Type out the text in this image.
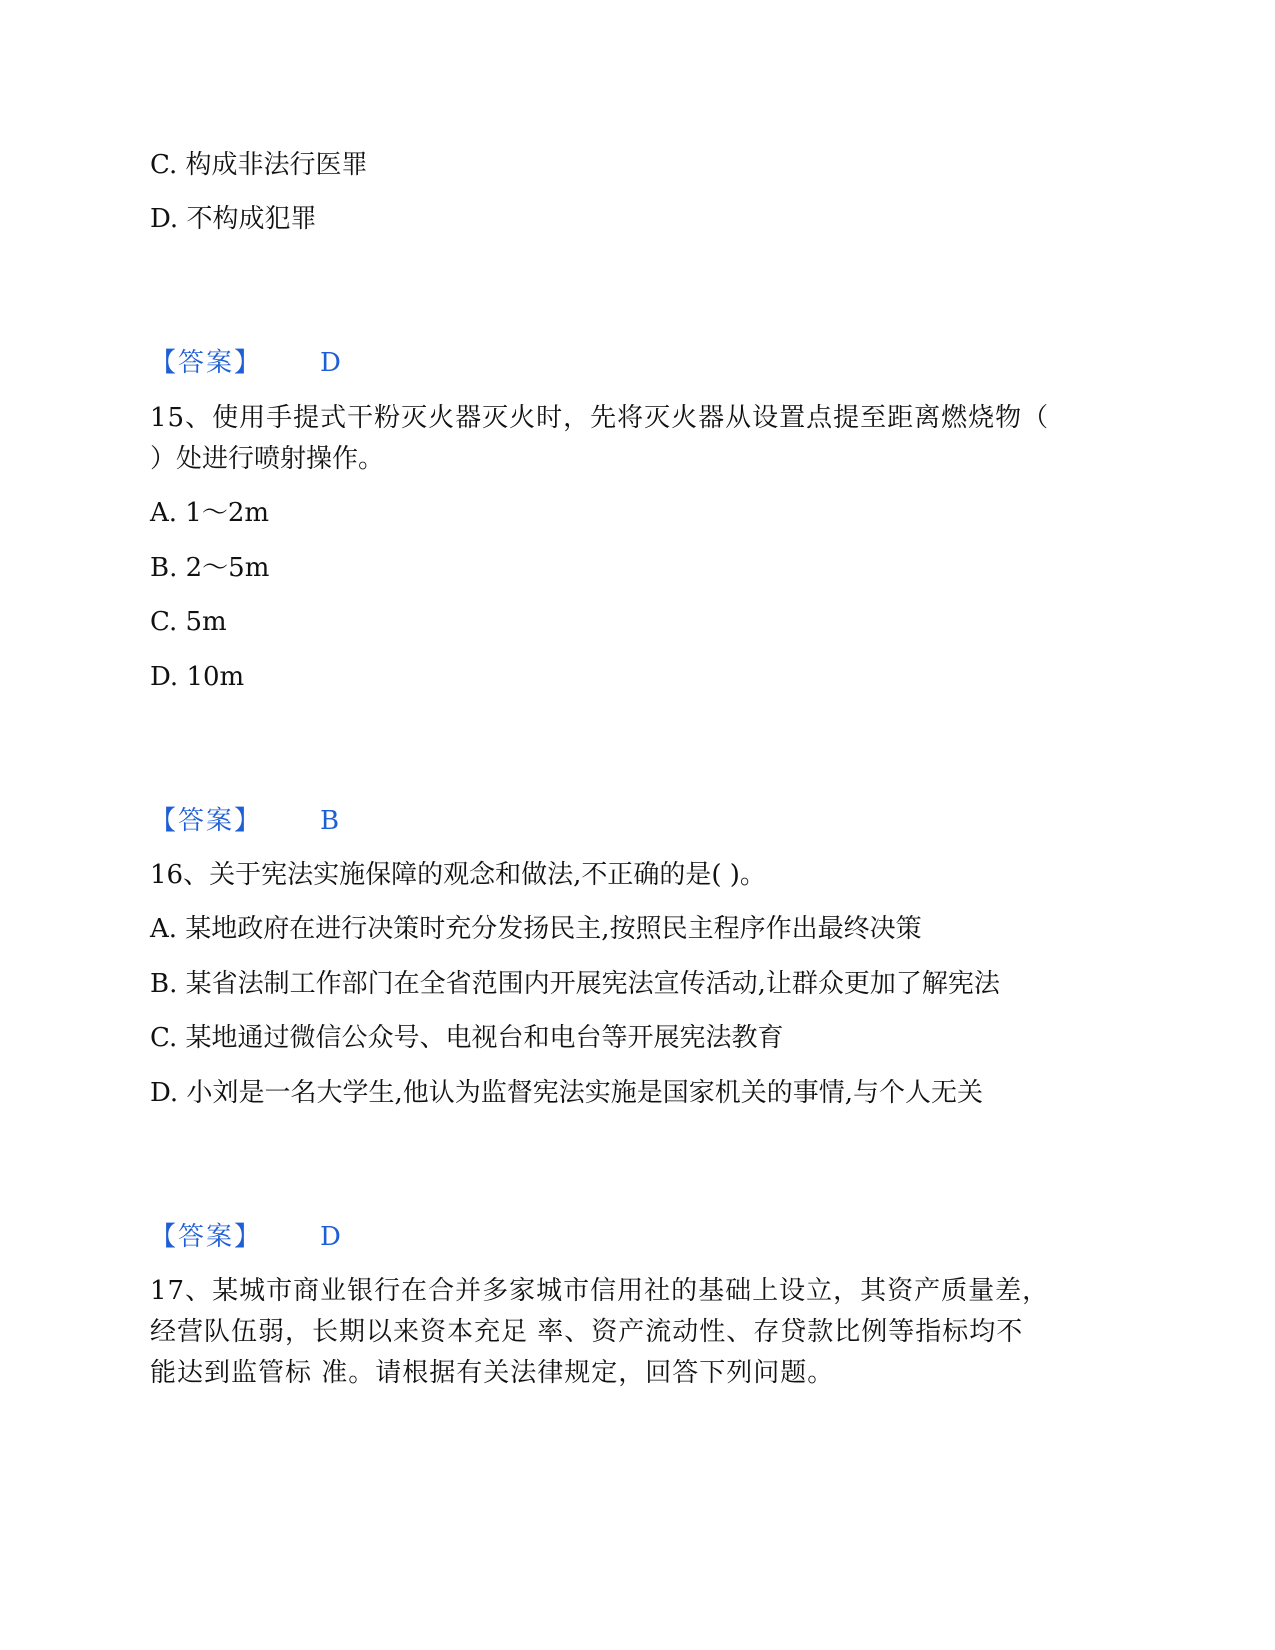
C. 构成非法行医罪
D. 不构成犯罪
【答案】 D
15、使用手提式干粉灭火器灭火时，先将灭火器从设置点提至距离燃烧物（
）处进行喷射操作。
A. 1～2m
B. 2～5m
C. 5m
D. 10m
【答案】 B
16、关于宪法实施保障的观念和做法,不正确的是( )。
A. 某地政府在进行决策时充分发扬民主,按照民主程序作出最终决策
B. 某省法制工作部门在全省范围内开展宪法宣传活动,让群众更加了解宪法
C. 某地通过微信公众号、电视台和电台等开展宪法教育
D. 小刘是一名大学生,他认为监督宪法实施是国家机关的事情,与个人无关
【答案】 D
17、某城市商业银行在合并多家城市信用社的基础上设立，其资产质量差，
经营队伍弱，长期以来资本充足 率、资产流动性、存贷款比例等指标均不
能达到监管标 准。请根据有关法律规定，回答下列问题。
